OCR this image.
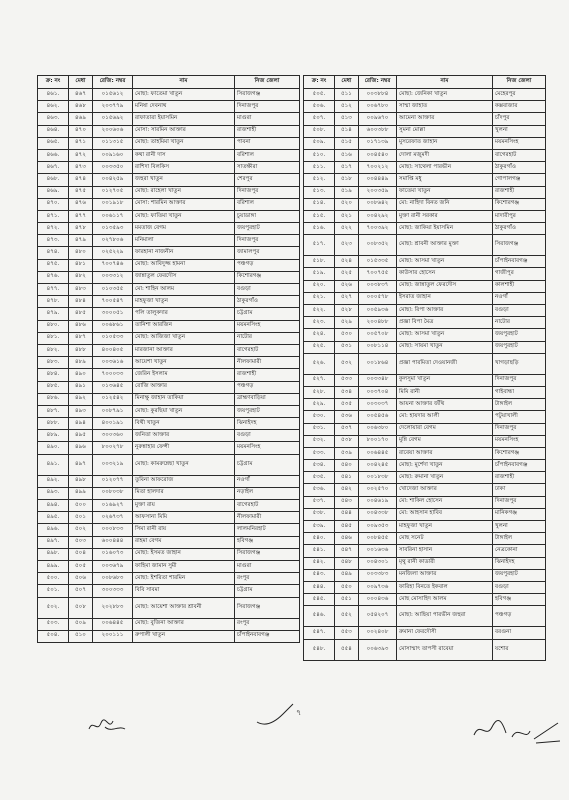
ক্র: নং	মেধা	রেজি: নম্বর	নাম	নিজ জেলা
৪৬১.	৪৬৭	০১৫৬১২	মোছা: ফাতেমা খাতুন	সিরাজগঞ্জ
৪৬২.	৪৬৮	২০৩৭৭৯	মনিষা দেবনাথ	দিনাজপুর
৪৬৩.	৪৬৯	০১৫৬৯২	রাফাতারা ইয়াসমিন	মাগুরা
৪৬৪.	৪৭০	২০০৬০৬	মোসা: সারমিন আক্তার	রাজশাহী
৪৬৫.	৪৭১	০১১৩১৫	মোছা: তাহমিমা খাতুন	পাবনা
৪৬৬.	৪৭২	০০৯১৬০	কথা রানী দাস	বরিশাল
৪৬৭.	৪৭৩	০০৩৩৫০	রাশিদা বিলকিস	সাতক্ষীরা
৪৬৮.	৪৭৪	০০৪২৫৯	জহুরা খাতুন	শেরপুর
৪৬৯.	৪৭৫	০১২৭০৫	মোছা: রাহেলা খাতুন	দিনাজপুর
৪৭০.	৪৭৬	০০১৯১৮	মোসা: শারমিন আক্তার	বরিশাল
৪৭১.	৪৭৭	০০৬১১৭	মোছা: ফাতিমা খাতুন	চুয়াডাঙ্গা
৪৭২.	৪৭৮	০১৩৫৯৩	মমতাজ বেগম	জয়পুরহাট
৪৭৩.	৪৭৯	০২৭৮০৬	মনিমালা	দিনাজপুর
৪৭৪.	৪৮০	০২৫২২৯	ফারহানা নাজনীন	জামালপুর
৪৭৫.	৪৮১	৭০০৭৪৬	মোছা: আবিদুজ্জ হামনা	পঞ্চগড়
৪৭৬.	৪৮২	০০৩৩১২	জান্নাতুল ফেরদৌস	কিশোরগঞ্জ
৪৭৭.	৪৮৩	০১০৩৫৫	মো: শাহিন আলম	বগুড়া
৪৭৮.	৪৮৪	৭০০৫৪৭	মাহফুজা খাতুন	ঠাকুরগাঁও
৪৭৯.	৪৮৫	৩০০০৫১	পলি তালুকদার	চট্টগ্রাম
৪৮০.	৪৮৬	০০৬৮৬১	তানিশা আরজিন	ময়মনসিংহ
৪৮১.	৪৮৭	০১০৫৩৩	মোছা: আজিজা খাতুন	নাটোর
৪৮২.	৪৮৮	৪০০৪০৫	মারজানা আক্তার	বাগেরহাট
৪৮৩.	৪৮৯	০০৩৬১৬	আয়েশা খাতুন	নীলফামারী
৪৮৪.	৪৯০	৭০০০৩৩	জেরিন ইসলাম	রাজশাহী
৪৮৫.	৪৯১	০১৩৬৪৫	রোজি আক্তার	পঞ্চগড়
৪৮৬.	৪৯২	০১২৫৪২	মিনাক্ষু জাহান তাকিয়া	ব্রাহ্মণবাড়িয়া
৪৮৭.	৪৯৩	০০৮৭৯১	মোছা: কুরছিয়া খাতুন	জয়পুরহাট
৪৮৮.	৪৯৪	৪০০১৯১	বিথী খাতুন	ঝিনাইদহ
৪৮৯.	৪৯৫	৩০০৩৬০	জনিতা আক্তার	বগুড়া
৪৯০.	৪৯৬	৮০০২৭৮	নুরুন্নাহার ফেন্সী	ময়মনসিংহ
৪৯১.	৪৯৭	০০৩২১৯	মোছা: কামরুন্নেছা খাতুন	চট্টগ্রাম
৪৯২.	৪৯৮	০১২০৭৭	তুবিনা আফরোজ	নওগাঁ
৪৯৩.	৪৯৯	০০৮০৩৮	মিতা হালদার	নড়াইল
৪৯৪.	৫০০	০১৬৯২৭	মুক্তা রায়	বাগেরহাট
৪৯৫.	৫০১	০২৬৭৩৭	আফসানা মিমি	নীলফামারী
৪৯৬.	৫০২	০০০৮৩৩	সিমা রানী রায়	লালমনিরহাট
৪৯৭.	৫০৩	৬০০৪৪৪	রাহমা বেগম	হবিগঞ্জ
৪৯৮.	৫০৪	০১৬০৭৩	মোছা: ইসমত জাহান	সিরাজগঞ্জ
৪৯৯.	৫০৫	০০৩৬৭৯	ফাহিমা জামান সুমী	মাগুরা
৫০০.	৫০৬	০০৮৬৮৩	মোছা: ইশরিতা শারমিন	রংপুর
৫০১.	৫০৭	৩০০৩৩৩	বিবি সাবমা	চট্টগ্রাম
৫০২.	৫০৮	২০২৮৮৩	মোছা: আয়েশা আক্তার শ্রাবনী	সিরাজগঞ্জ
৫০৩.	৫০৯	০০৬৪৪৫	মোছা: বুজিনা আক্তার	রংপুর
৫০৪.	৫১০	২০০১১১	রুপালী খাতুন	চাঁপাইনবাবগঞ্জ
ক্র: নং	মেধা	রেজি: নম্বর	নাম	নিজ জেলা
৫০৫.	৫১১	০০৩৮৮৪	মোছা: জেনিকা খাতুন	মেহেরপুর
৫০৬.	৫১২	০০৬৭৮০	সাম্মা জাহাত	কক্সবাজার
৫০৭.	৫১৩	০০৯৬৭০	আমেনা আক্তার	চাঁদপুর
৫০৮.	৫১৪	৬০০৩৮৮	সুমনা মোল্লা	খুলনা
৫০৯.	৫১৫	০১৭১৩৯	মুসরেফাত জাহান	ময়মনসিংহ
৫১০.	৫১৬	০০৪৫৪০	দোলা মজুমদী	বাগেরহাট
৫১১.	৫১৭	৭০০২১২	মোছা: সাথেলা পারভীন	ঠাকুরগাঁও
৫১২.	৫১৮	০০৪৪৪৯	সমাপ্তি মধু	গোপালগঞ্জ
৫১৩.	৫১৯	২০০৩৫৯	ফাতেমা খাতুন	রাজশাহী
৫১৪.	৫২০	০০৮৬৪২	মো: নাহিদা বিনত জনি	কিশোরগঞ্জ
৫১৫.	৫২১	০০৪২৯২	মুক্তা রানী সরকার	মাদারীপুর
৫১৬.	৫২২	৭০০৩৯২	মোছা: জাকিয়া ইয়াসমিন	ঠাকুরগাঁও
৫১৭.	৫২৩	০০৮৩৫২	মোছা: শ্রাবনী আক্তার মুক্তা	সিরাজগঞ্জ
৫১৮.	৫২৪	০১৫৩৩৫	মোছা: আসমা খাতুন	চাঁপাইনবাবগঞ্জ
৫১৯.	৫২৫	৭০০৭৫৫	কাউসার হোসেন	গাজীপুর
৫২০.	৫২৬	০০৩৮৩৭	মোছা: জান্নাতুল ফেরদৌস	কালশাহী
৫২১.	৫২৭	০০০৫৭৮	ইসরাত জাহান	নওগাঁ
৫২২.	৫২৮	০০৫৯৩৬	মোছা: রিপা আক্তার	বগুড়া
৫২৩.	৫২৯	২০০৪৮৮	প্রজ্ঞা বিপা মৈত্র	নাটোর
৫২৪.	৫৩০	০০৫৭০৮	মোছা: আসমা খাতুন	জয়পুরহাট
৫২৫.	৫৩১	০০৮১১৪	মোছা: সায়মা খাতুন	জয়পুরহাট
৫২৬.	৫৩২	০০১৮৬৪	প্রজ্ঞা পারমিতা দেওয়ানজী	খাগড়াছড়ি
৫২৭.	৫৩৩	০০৩৩৪৮	কুলসুমা খাতুন	দিনাজপুর
৫২৮.	৫৩৪	০০৩৭০৪	মিমি রানী	গাইবান্ধা
৫২৯.	৫৩৫	০০৩০৩৭	আয়না আক্তার জঁথি	টাঙ্গাইল
৫৩০.	৫৩৬	০০৫৪৫৬	মো: হায়দার আলী	পটুয়াখালী
৫৩১.	৫৩৭	০০৬৩৮০	দেলোয়ারা বেগম	দিনাজপুর
৫৩২.	৫৩৮	৮০০১৭০	মুন্নি বেগম	ময়মনসিংহ
৫৩৩.	৫৩৯	০০৬৪৪৫	রাবেয়া আক্তার	কিশোরগঞ্জ
৫৩৪.	৫৪০	০০৪২৪৫	মোছা: মুর্শেদা খাতুন	চাঁপাইনবাবগঞ্জ
৫৩৫.	৫৪১	০০১৮৩৮	মোছা: রুমানা খাতুন	রাজশাহী
৫৩৬.	৫৪২	০০২৫৭০	খোদেজা আক্তার	ঢাকা
৫৩৭.	৫৪৩	০০৪৬১৯	মো: শাকিল হোসেন	দিনাজপুর
৫৩৮.	৫৪৪	০০৪৩৩৮	মো: আহসান হাবিব	মানিকগঞ্জ
৫৩৯.	৫৪৫	০০৯৩৫৩	মাহফুজা খাতুন	খুলনা
৫৪০.	৫৪৬	০০৮৪৫৫	মোছ সনেট	টাঙ্গাইল
৫৪১.	৫৪৭	০০১৬৩৬	সাবরিনা হাসান	নেত্রকোনা
৫৪২.	৫৪৮	০০৪৩০১	মৃথু রানী কাডারী	ঝিনাইদহ
৫৪৩.	৫৪৯	০০৩৩৮৩	মনজিলা আক্তার	জয়পুরহাট
৫৪৪.	৫৫০	০০৯৭৩৬	ফারিহা বিনতে ইকবাল	বগুড়া
৫৪৫.	৫৫১	০০০৪৩৬	মোছ মোসাহিদ আলম	হবিগঞ্জ
৫৪৬.	৫৫২	০৫৪২০৭	মোছা: আছিয়া পারভীন জহুরা	পঞ্চগড়
৫৪৭.	৫৫৩	০০২৪০৮	রুমানা ফেরদৌসী	বরগুনা
৫৪৮.	৫৫৪	০০৬৩৯৩	মোসাম্মাৎ তাপসী রাবেয়া	যশোর
৭
